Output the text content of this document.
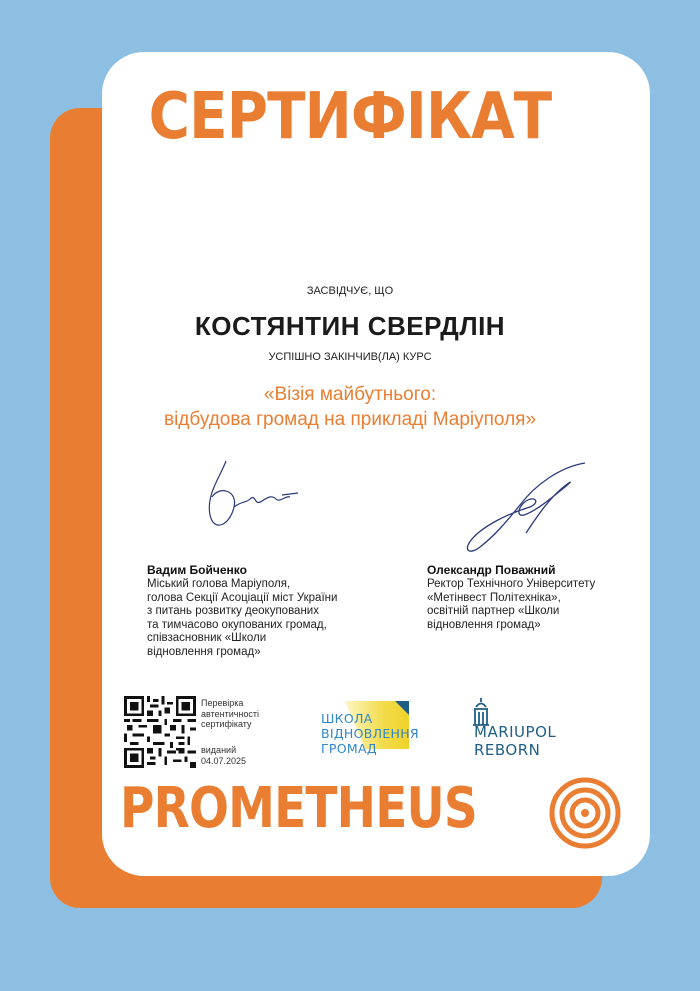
СЕРТИФІКАТ
ЗАСВІДЧУЄ, ЩО
КОСТЯНТИН СВЕРДЛІН
УСПІШНО ЗАКІНЧИВ(ЛА) КУРС
«Візія майбутнього:
відбудова громад на прикладі Маріуполя»
Вадим Бойченко
Міський голова Маріуполя,
голова Секції Асоціації міст України
з питань розвитку деокупованих
та тимчасово окупованих громад,
співзасновник «Школи
відновлення громад»
Олександр Поважний
Ректор Технічного Університету
«Метінвест Політехніка»,
освітній партнер «Школи
відновлення громад»
Перевірка
автентичності
сертифікату
виданий
04.07.2025
ШКОЛА
ВІДНОВЛЕННЯ
ГРОМАД
MARIUPOL
REBORN
PROMETHEUS
